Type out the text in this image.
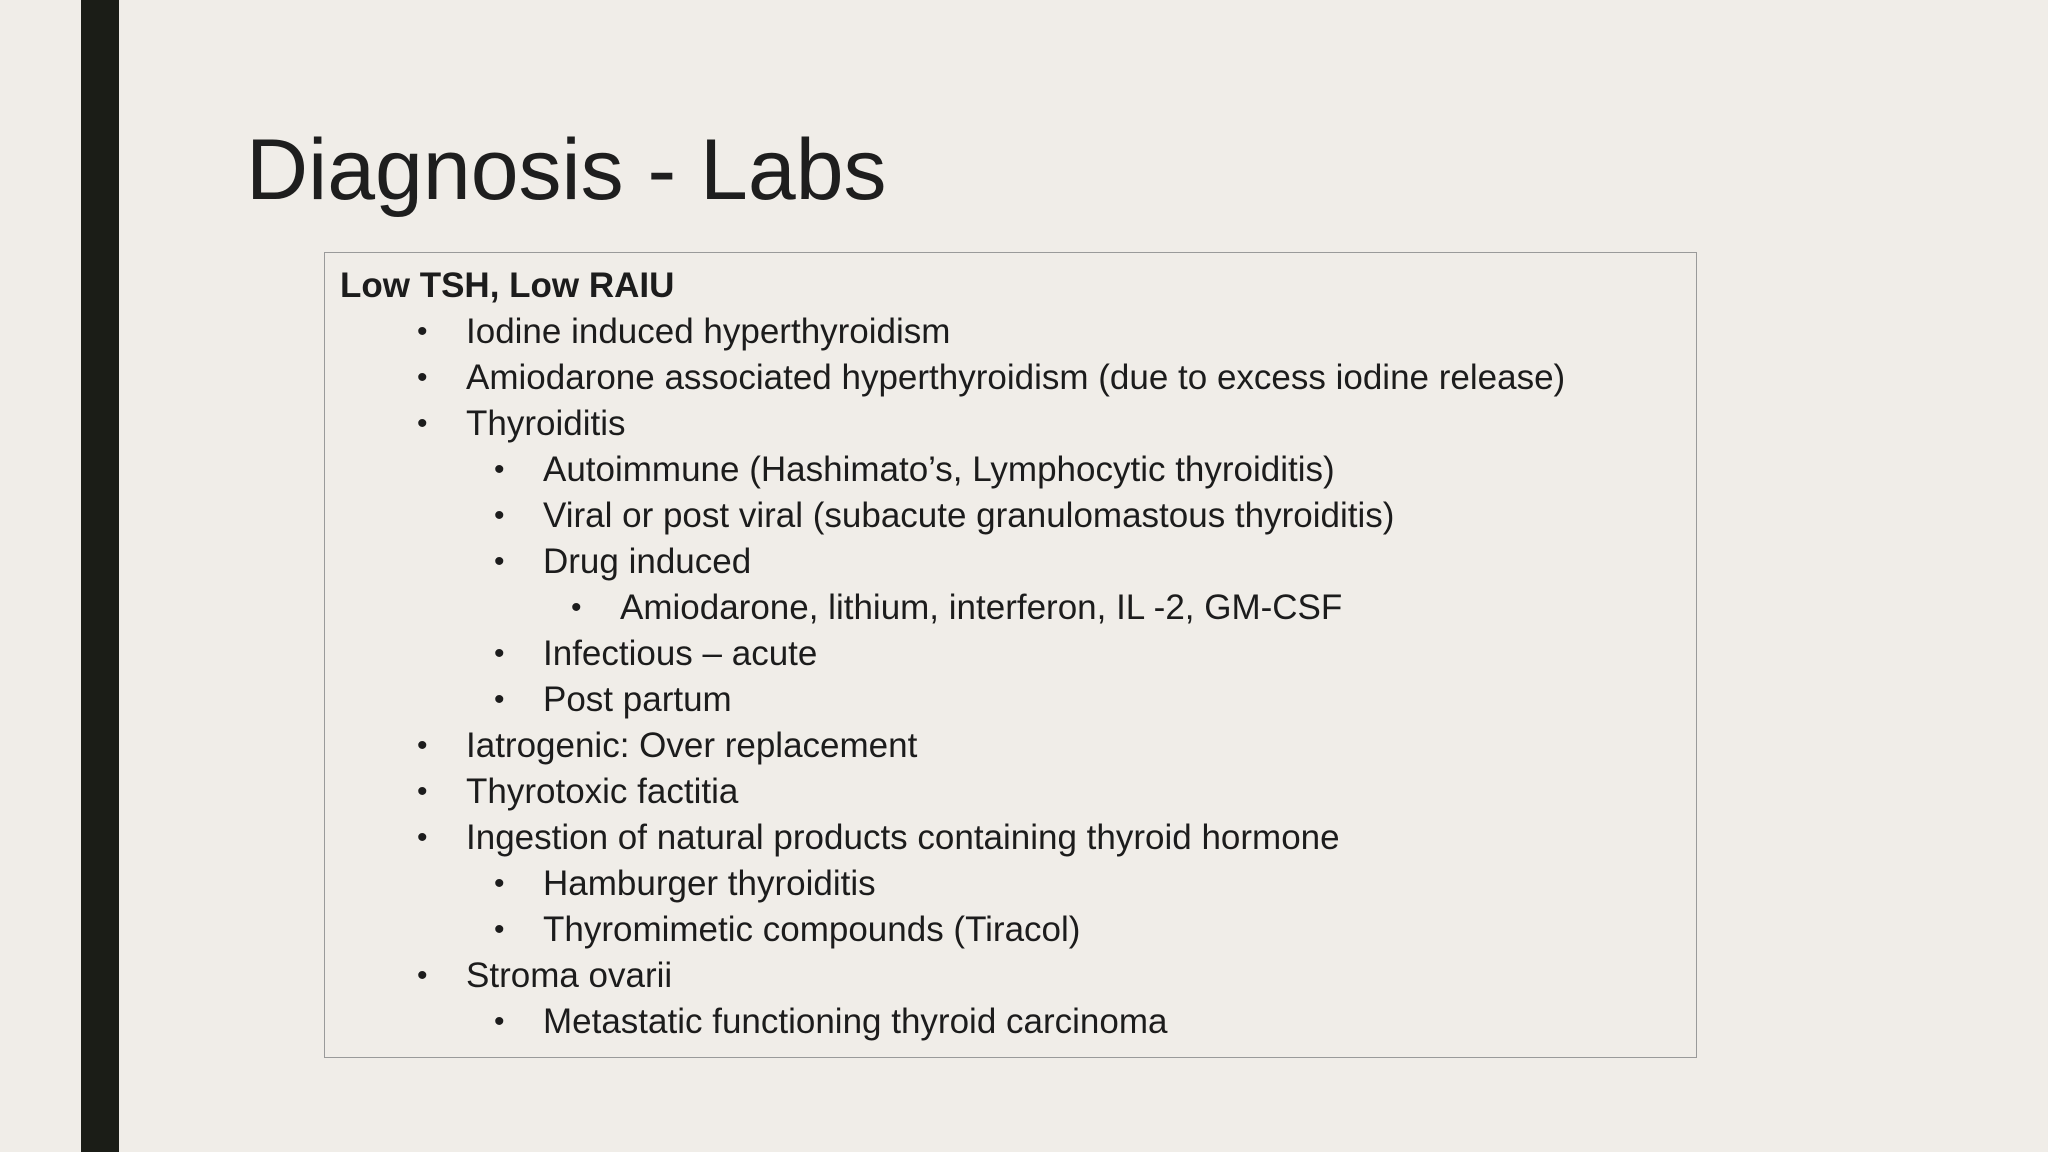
Diagnosis - Labs
Low TSH, Low RAIU
• Iodine induced hyperthyroidism
• Amiodarone associated hyperthyroidism (due to excess iodine release)
• Thyroiditis
• Autoimmune (Hashimato’s, Lymphocytic thyroiditis)
• Viral or post viral (subacute granulomastous thyroiditis)
• Drug induced
• Amiodarone, lithium, interferon, IL -2, GM-CSF
• Infectious – acute
• Post partum
• Iatrogenic: Over replacement
• Thyrotoxic factitia
• Ingestion of natural products containing thyroid hormone
• Hamburger thyroiditis
• Thyromimetic compounds (Tiracol)
• Stroma ovarii
• Metastatic functioning thyroid carcinoma
